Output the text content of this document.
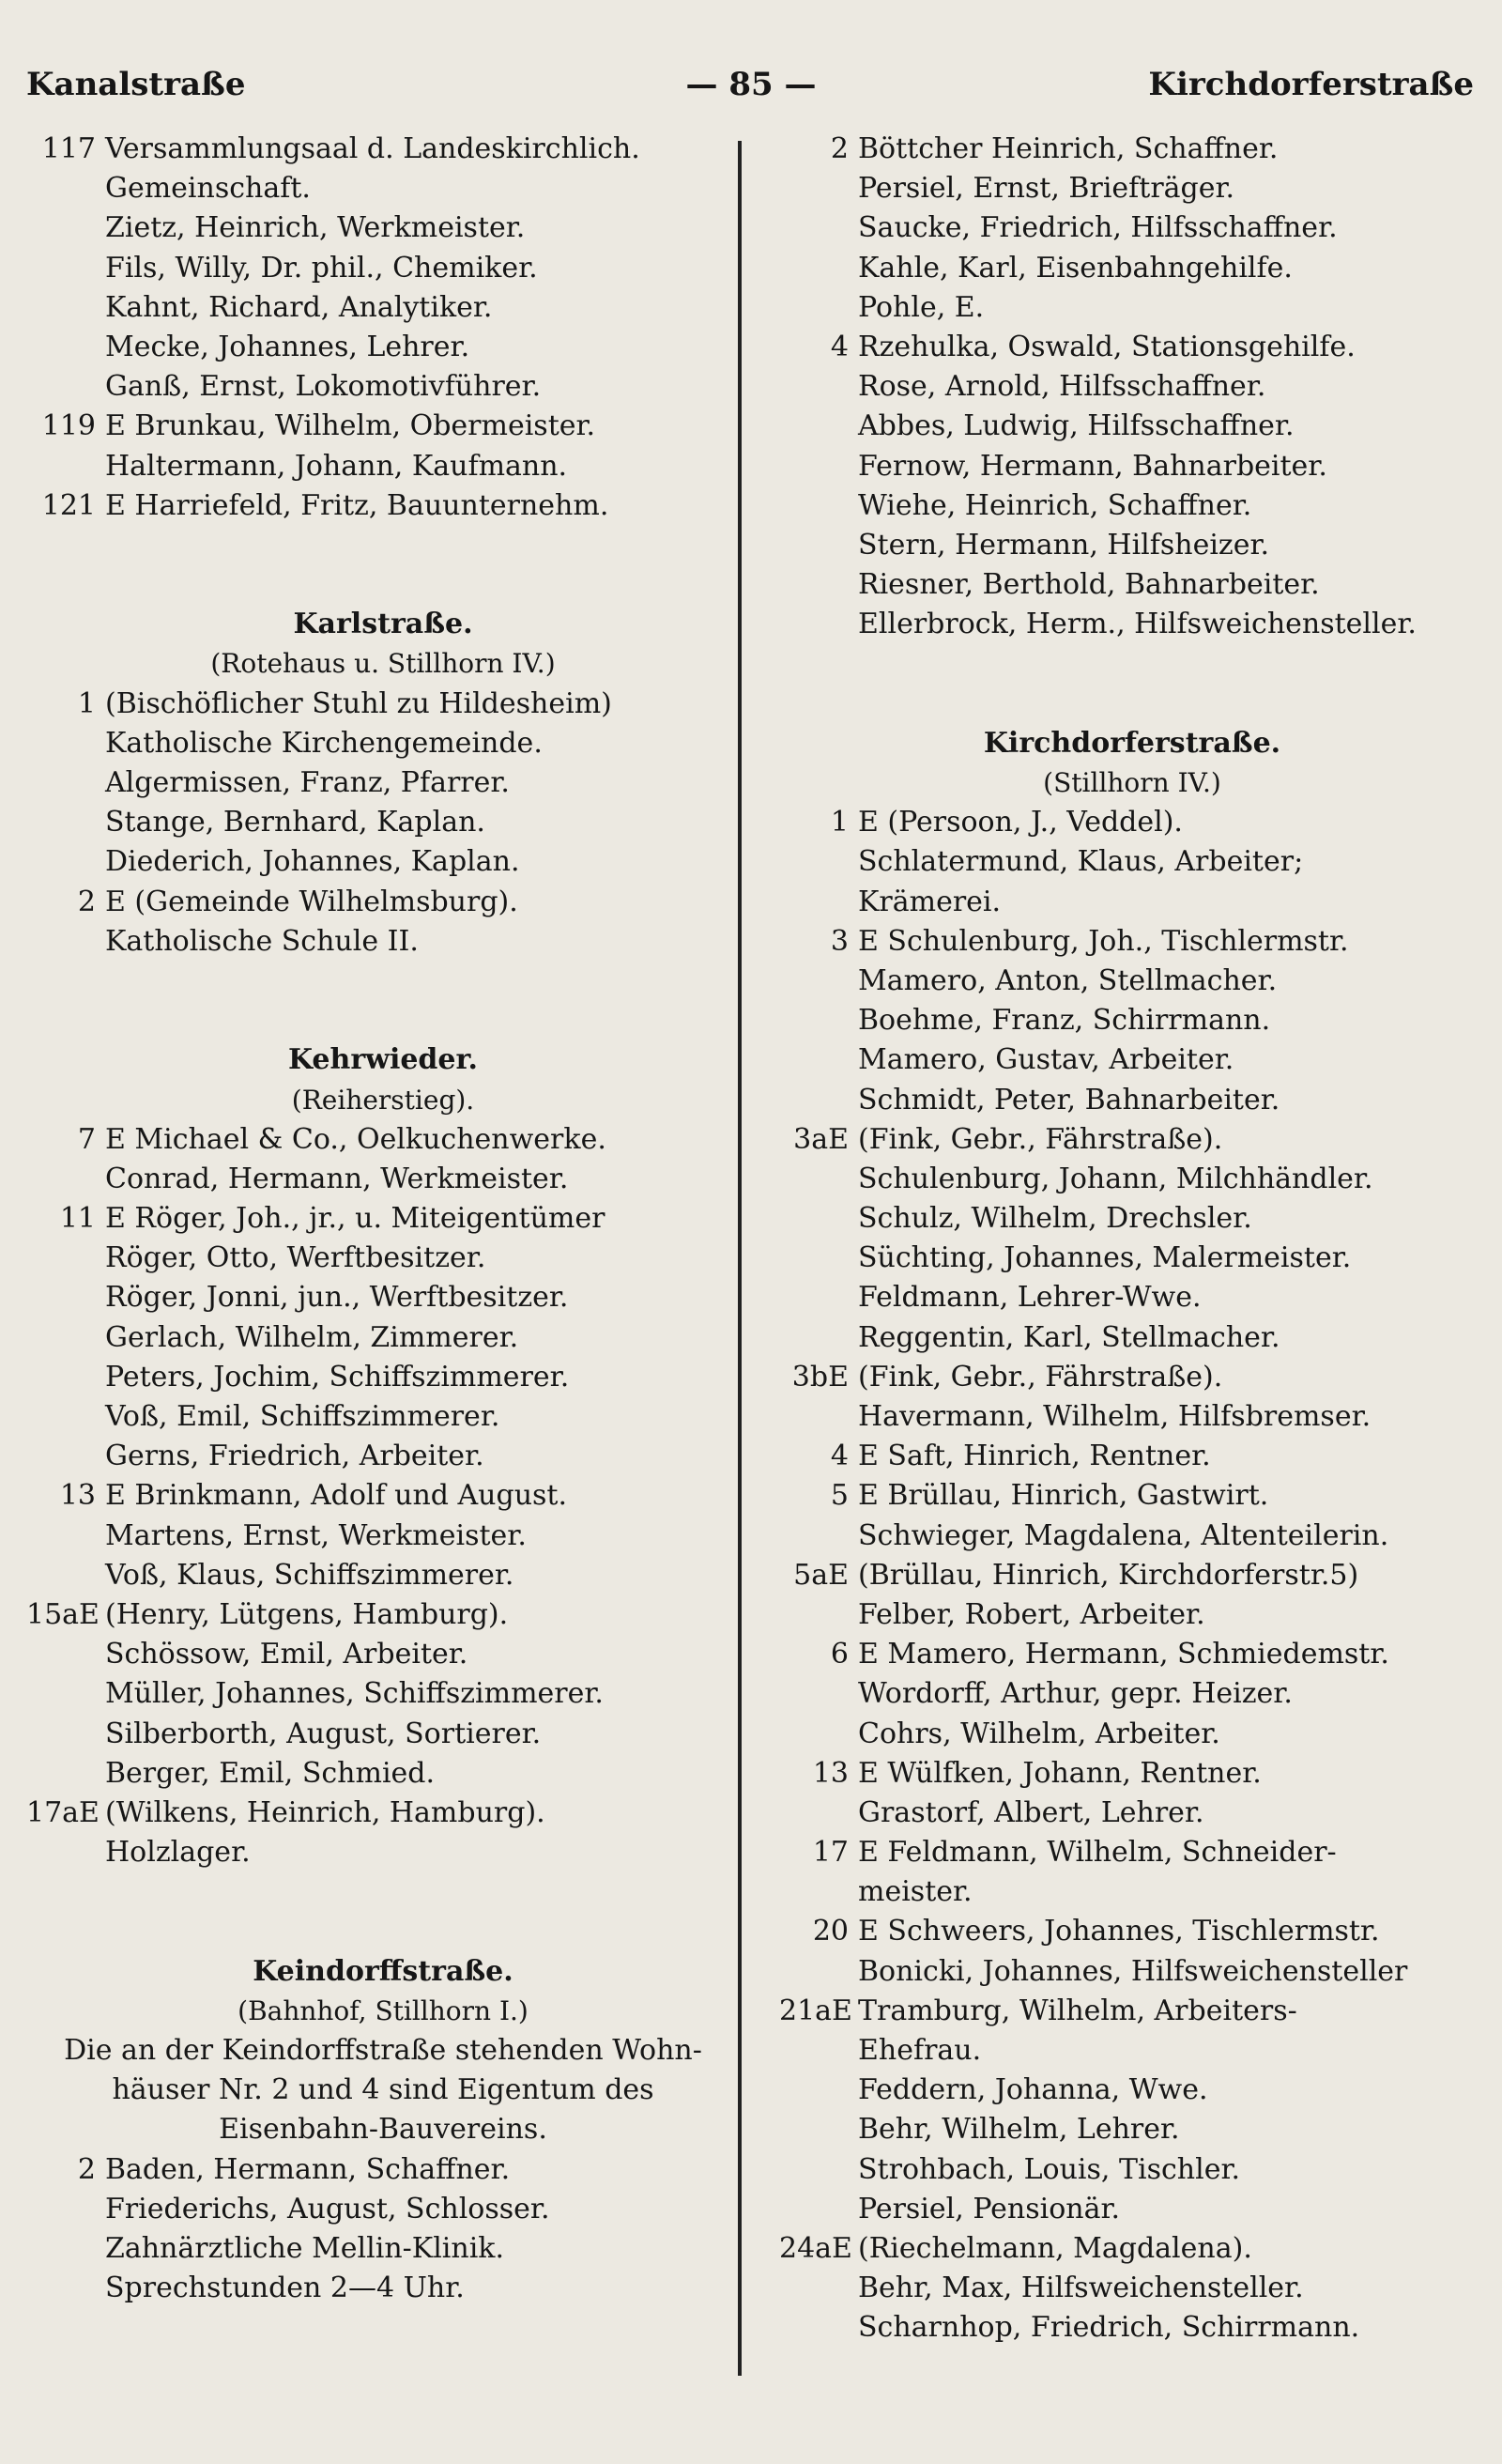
Kanalstraße	— 85 —	Kirchdorferstraße
117 Versammlungsaal d. Landeskirchlich.
Gemeinschaft.
Zietz, Heinrich, Werkmeister.
Fils, Willy, Dr. phil., Chemiker.
Kahnt, Richard, Analytiker.
Mecke, Johannes, Lehrer.
Ganß, Ernst, Lokomotivführer.
119 E Brunkau, Wilhelm, Obermeister.
Haltermann, Johann, Kaufmann.
121 E Harriefeld, Fritz, Bauunternehm.
Karlstraße.
(Rotehaus u. Stillhorn IV.)
1 (Bischöflicher Stuhl zu Hildesheim)
Katholische Kirchengemeinde.
Algermissen, Franz, Pfarrer.
Stange, Bernhard, Kaplan.
Diederich, Johannes, Kaplan.
2 E (Gemeinde Wilhelmsburg).
Katholische Schule II.
Kehrwieder.
(Reiherstieg).
7 E Michael & Co., Oelkuchenwerke.
Conrad, Hermann, Werkmeister.
11 E Röger, Joh., jr., u. Miteigentümer
Röger, Otto, Werftbesitzer.
Röger, Jonni, jun., Werftbesitzer.
Gerlach, Wilhelm, Zimmerer.
Peters, Jochim, Schiffszimmerer.
Voß, Emil, Schiffszimmerer.
Gerns, Friedrich, Arbeiter.
13 E Brinkmann, Adolf und August.
Martens, Ernst, Werkmeister.
Voß, Klaus, Schiffszimmerer.
15aE (Henry, Lütgens, Hamburg).
Schössow, Emil, Arbeiter.
Müller, Johannes, Schiffszimmerer.
Silberborth, August, Sortierer.
Berger, Emil, Schmied.
17aE (Wilkens, Heinrich, Hamburg).
Holzlager.
Keindorffstraße.
(Bahnhof, Stillhorn I.)
Die an der Keindorffstraße stehenden Wohn-
häuser Nr. 2 und 4 sind Eigentum des
Eisenbahn-Bauvereins.
2 Baden, Hermann, Schaffner.
Friederichs, August, Schlosser.
Zahnärztliche Mellin-Klinik.
Sprechstunden 2—4 Uhr.
2 Böttcher Heinrich, Schaffner.
Persiel, Ernst, Briefträger.
Saucke, Friedrich, Hilfsschaffner.
Kahle, Karl, Eisenbahngehilfe.
Pohle, E.
4 Rzehulka, Oswald, Stationsgehilfe.
Rose, Arnold, Hilfsschaffner.
Abbes, Ludwig, Hilfsschaffner.
Fernow, Hermann, Bahnarbeiter.
Wiehe, Heinrich, Schaffner.
Stern, Hermann, Hilfsheizer.
Riesner, Berthold, Bahnarbeiter.
Ellerbrock, Herm., Hilfsweichensteller.
Kirchdorferstraße.
(Stillhorn IV.)
1 E (Persoon, J., Veddel).
Schlatermund, Klaus, Arbeiter;
Krämerei.
3 E Schulenburg, Joh., Tischlermstr.
Mamero, Anton, Stellmacher.
Boehme, Franz, Schirrmann.
Mamero, Gustav, Arbeiter.
Schmidt, Peter, Bahnarbeiter.
3aE (Fink, Gebr., Fährstraße).
Schulenburg, Johann, Milchhändler.
Schulz, Wilhelm, Drechsler.
Süchting, Johannes, Malermeister.
Feldmann, Lehrer-Wwe.
Reggentin, Karl, Stellmacher.
3bE (Fink, Gebr., Fährstraße).
Havermann, Wilhelm, Hilfsbremser.
4 E Saft, Hinrich, Rentner.
5 E Brüllau, Hinrich, Gastwirt.
Schwieger, Magdalena, Altenteilerin.
5aE (Brüllau, Hinrich, Kirchdorferstr.5)
Felber, Robert, Arbeiter.
6 E Mamero, Hermann, Schmiedemstr.
Wordorff, Arthur, gepr. Heizer.
Cohrs, Wilhelm, Arbeiter.
13 E Wülfken, Johann, Rentner.
Grastorf, Albert, Lehrer.
17 E Feldmann, Wilhelm, Schneider-
meister.
20 E Schweers, Johannes, Tischlermstr.
Bonicki, Johannes, Hilfsweichensteller
21aE Tramburg, Wilhelm, Arbeiters-
Ehefrau.
Feddern, Johanna, Wwe.
Behr, Wilhelm, Lehrer.
Strohbach, Louis, Tischler.
Persiel, Pensionär.
24aE (Riechelmann, Magdalena).
Behr, Max, Hilfsweichensteller.
Scharnhop, Friedrich, Schirrmann.
